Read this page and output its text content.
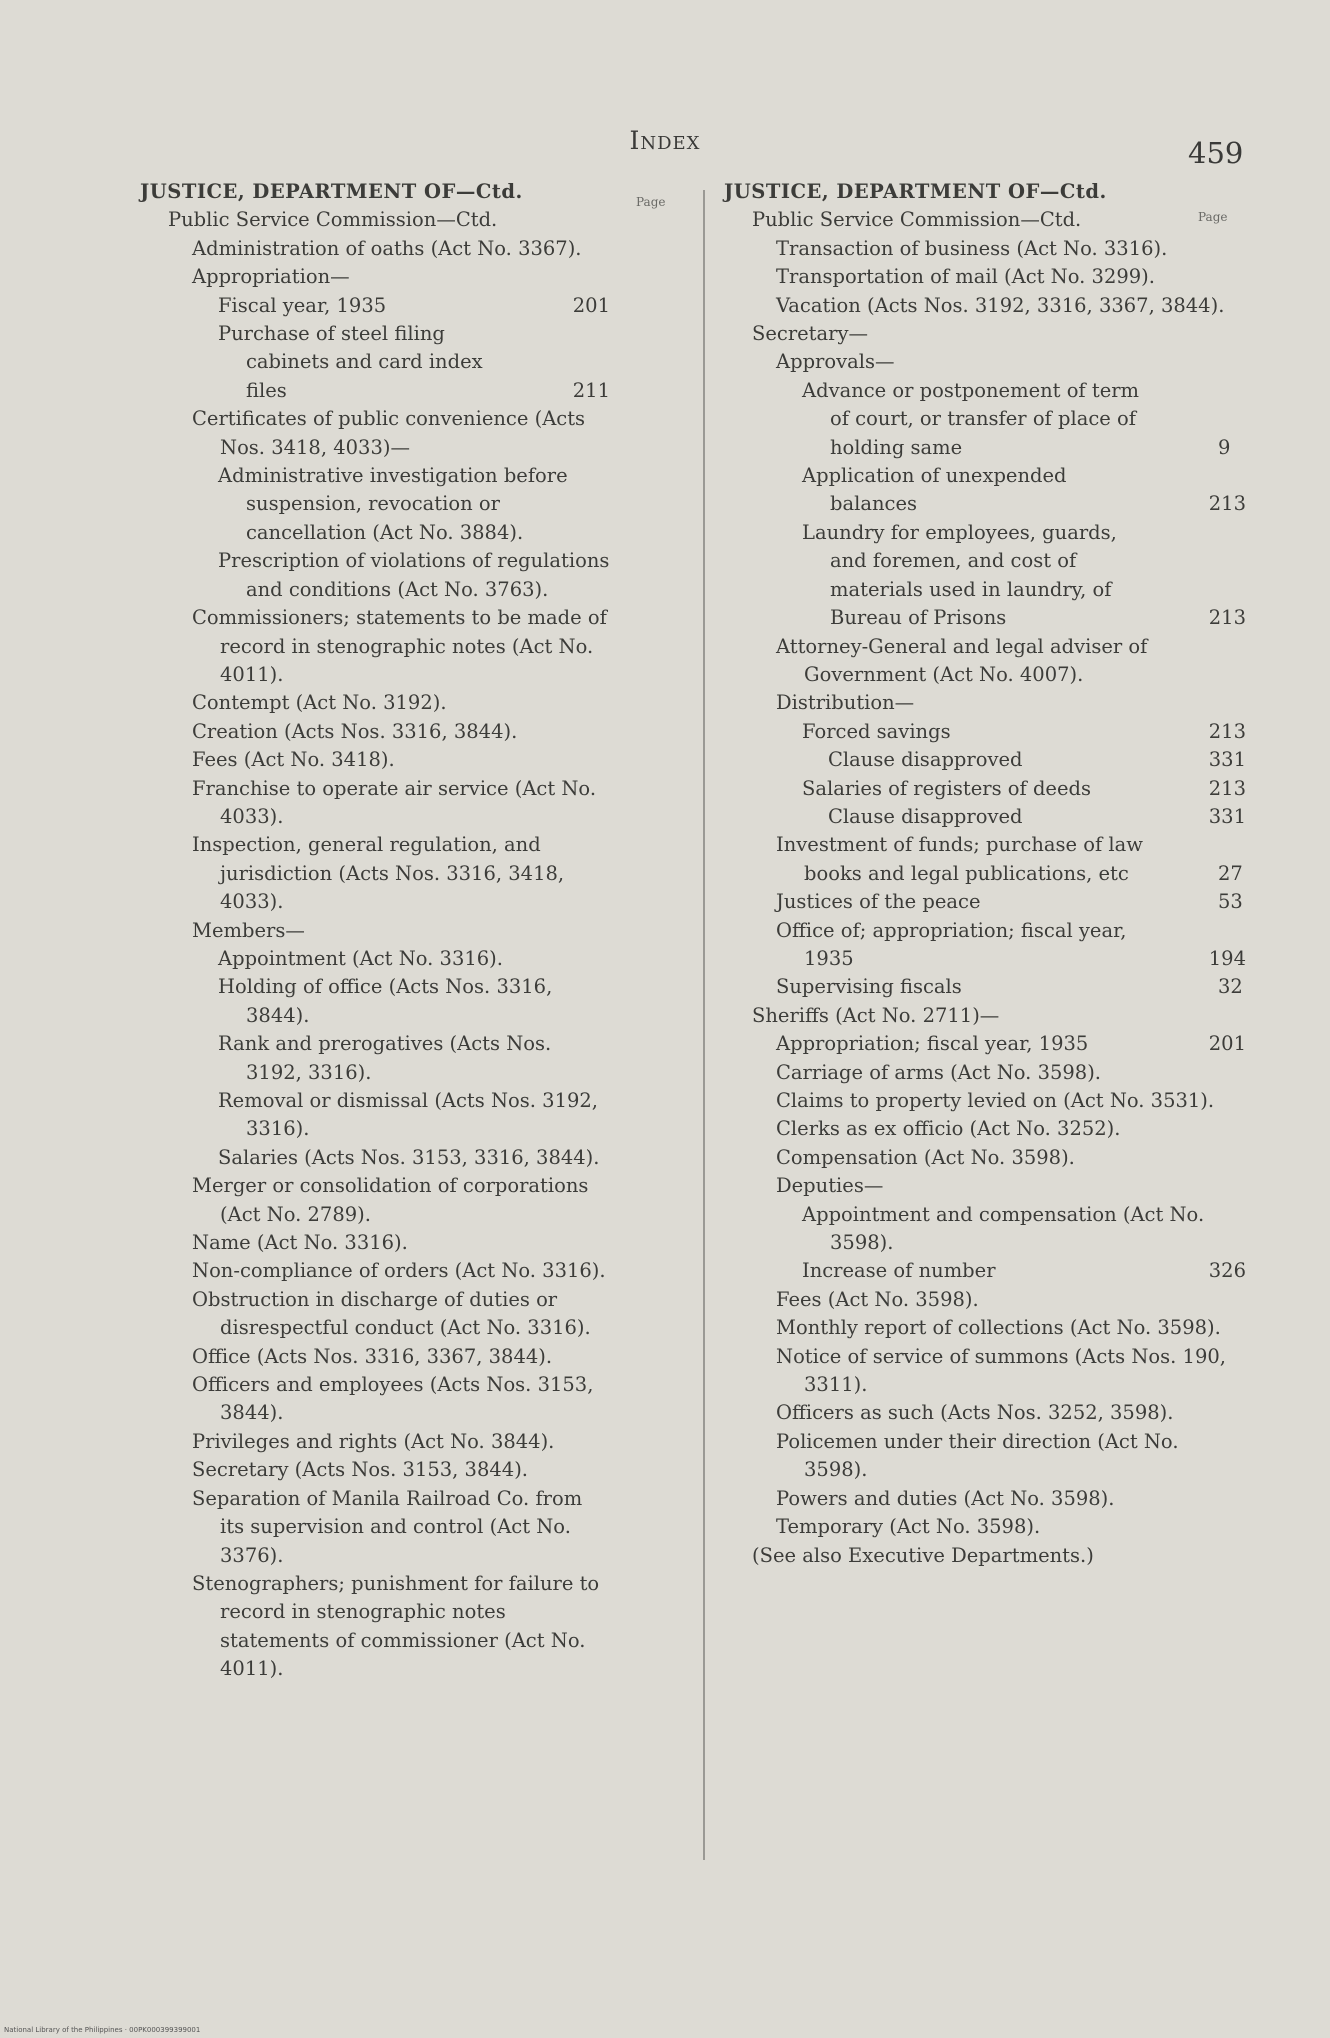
Index	459
Page
Page
JUSTICE, DEPARTMENT OF—Ctd.
Public Service Commission—Ctd.
Administration of oaths (Act No. 3367).
Appropriation—
Fiscal year, 1935	201
Purchase of steel filing cabinets and card index files	211
Certificates of public convenience (Acts Nos. 3418, 4033)—
Administrative investigation before suspension, revocation or cancellation (Act No. 3884).
Prescription of violations of regulations and conditions (Act No. 3763).
Commissioners; statements to be made of record in stenographic notes (Act No. 4011).
Contempt (Act No. 3192).
Creation (Acts Nos. 3316, 3844).
Fees (Act No. 3418).
Franchise to operate air service (Act No. 4033).
Inspection, general regulation, and jurisdiction (Acts Nos. 3316, 3418, 4033).
Members—
Appointment (Act No. 3316).
Holding of office (Acts Nos. 3316, 3844).
Rank and prerogatives (Acts Nos. 3192, 3316).
Removal or dismissal (Acts Nos. 3192, 3316).
Salaries (Acts Nos. 3153, 3316, 3844).
Merger or consolidation of corporations (Act No. 2789).
Name (Act No. 3316).
Non-compliance of orders (Act No. 3316).
Obstruction in discharge of duties or disrespectful conduct (Act No. 3316).
Office (Acts Nos. 3316, 3367, 3844).
Officers and employees (Acts Nos. 3153, 3844).
Privileges and rights (Act No. 3844).
Secretary (Acts Nos. 3153, 3844).
Separation of Manila Railroad Co. from its supervision and control (Act No. 3376).
Stenographers; punishment for failure to record in stenographic notes statements of commissioner (Act No. 4011).
JUSTICE, DEPARTMENT OF—Ctd.
Public Service Commission—Ctd.
Transaction of business (Act No. 3316).
Transportation of mail (Act No. 3299).
Vacation (Acts Nos. 3192, 3316, 3367, 3844).
Secretary—
Approvals—
Advance or postponement of term of court, or transfer of place of holding same	9
Application of unexpended balances	213
Laundry for employees, guards, and foremen, and cost of materials used in laundry, of Bureau of Prisons	213
Attorney-General and legal adviser of Government (Act No. 4007).
Distribution—
Forced savings	213
Clause disapproved	331
Salaries of registers of deeds	213
Clause disapproved	331
Investment of funds; purchase of law books and legal publications, etc	27
Justices of the peace	53
Office of; appropriation; fiscal year, 1935	194
Supervising fiscals	32
Sheriffs (Act No. 2711)—
Appropriation; fiscal year, 1935	201
Carriage of arms (Act No. 3598).
Claims to property levied on (Act No. 3531).
Clerks as ex officio (Act No. 3252).
Compensation (Act No. 3598).
Deputies—
Appointment and compensation (Act No. 3598).
Increase of number	326
Fees (Act No. 3598).
Monthly report of collections (Act No. 3598).
Notice of service of summons (Acts Nos. 190, 3311).
Officers as such (Acts Nos. 3252, 3598).
Policemen under their direction (Act No. 3598).
Powers and duties (Act No. 3598).
Temporary (Act No. 3598).
(See also Executive Departments.)
National Library of the Philippines · 00PK000399399001
